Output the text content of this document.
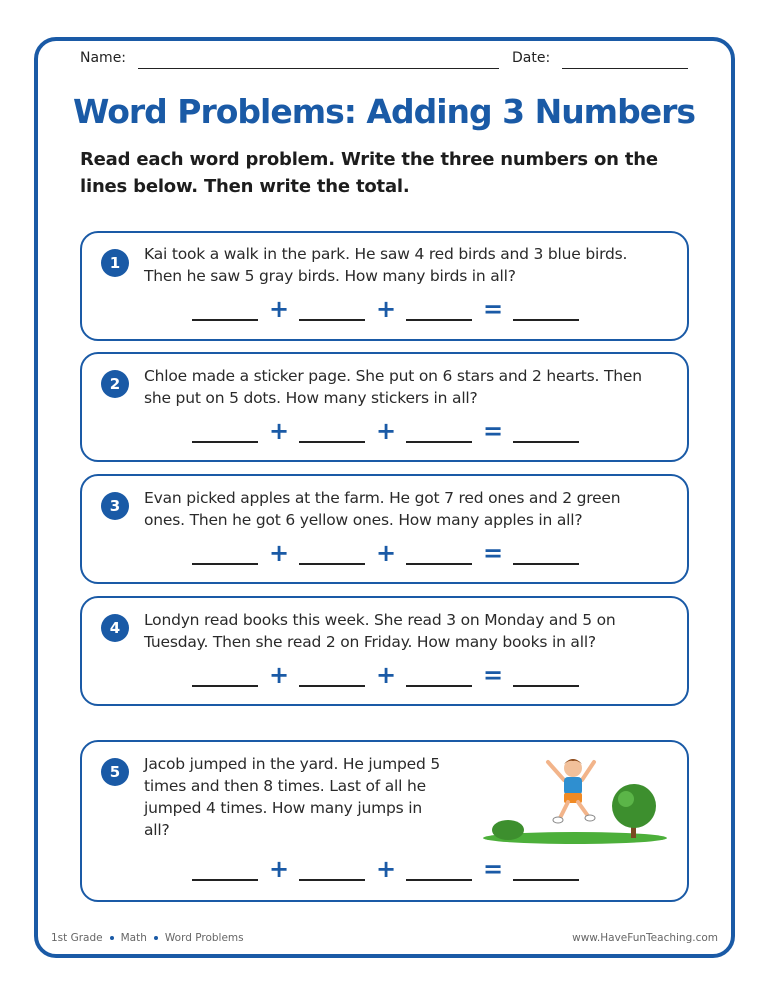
Name:	Date:
Word Problems: Adding 3 Numbers
Read each word problem. Write the three numbers on the lines below. Then write the total.
1	Kai took a walk in the park. He saw 4 red birds and 3 blue birds.
Then he saw 5 gray birds. How many birds in all?
+	+	=
2	Chloe made a sticker page. She put on 6 stars and 2 hearts. Then
she put on 5 dots. How many stickers in all?
+	+	=
3	Evan picked apples at the farm. He got 7 red ones and 2 green
ones. Then he got 6 yellow ones. How many apples in all?
+	+	=
4	Londyn read books this week. She read 3 on Monday and 5 on
Tuesday. Then she read 2 on Friday. How many books in all?
+	+	=
5	Jacob jumped in the yard. He jumped 5
times and then 8 times. Last of all he
jumped 4 times. How many jumps in
all?
+	+	=
1st Grade Math Word Problems	www.HaveFunTeaching.com
